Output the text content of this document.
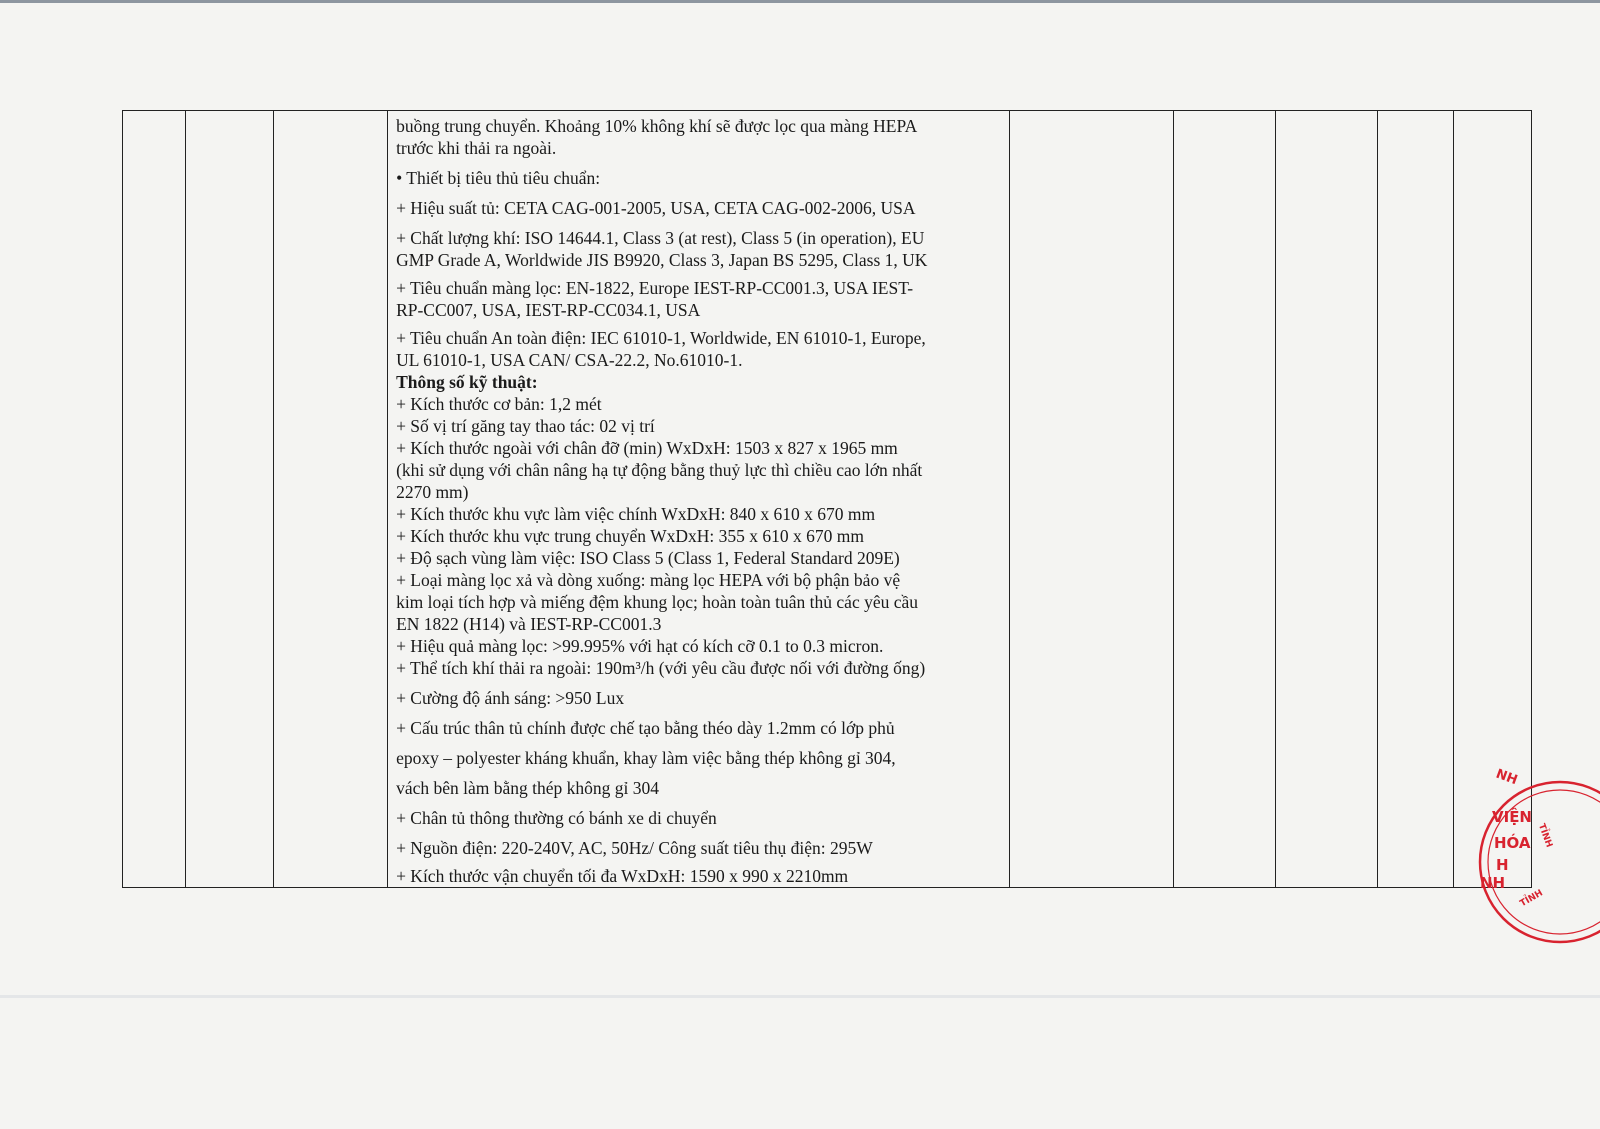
buồng trung chuyển. Khoảng 10% không khí sẽ được lọc qua màng HEPA
trước khi thải ra ngoài.
• Thiết bị tiêu thủ tiêu chuẩn:
+ Hiệu suất tủ: CETA CAG-001-2005, USA, CETA CAG-002-2006, USA
+ Chất lượng khí: ISO 14644.1, Class 3 (at rest), Class 5 (in operation), EU
GMP Grade A, Worldwide JIS B9920, Class 3, Japan BS 5295, Class 1, UK
+ Tiêu chuẩn màng lọc: EN-1822, Europe IEST-RP-CC001.3, USA IEST-
RP-CC007, USA, IEST-RP-CC034.1, USA
+ Tiêu chuẩn An toàn điện: IEC 61010-1, Worldwide, EN 61010-1, Europe,
UL 61010-1, USA CAN/ CSA-22.2, No.61010-1.
Thông số kỹ thuật:
+ Kích thước cơ bản: 1,2 mét
+ Số vị trí găng tay thao tác: 02 vị trí
+ Kích thước ngoài với chân đỡ (min) WxDxH: 1503 x 827 x 1965 mm
(khi sử dụng với chân nâng hạ tự động bằng thuỷ lực thì chiều cao lớn nhất
2270 mm)
+ Kích thước khu vực làm việc chính WxDxH: 840 x 610 x 670 mm
+ Kích thước khu vực trung chuyển WxDxH: 355 x 610 x 670 mm
+ Độ sạch vùng làm việc: ISO Class 5 (Class 1, Federal Standard 209E)
+ Loại màng lọc xả và dòng xuống: màng lọc HEPA với bộ phận bảo vệ
kim loại tích hợp và miếng đệm khung lọc; hoàn toàn tuân thủ các yêu cầu
EN 1822 (H14) và IEST-RP-CC001.3
+ Hiệu quả màng lọc: >99.995% với hạt có kích cỡ 0.1 to 0.3 micron.
+ Thể tích khí thải ra ngoài: 190m³/h (với yêu cầu được nối với đường ống)
+ Cường độ ánh sáng: >950 Lux
+ Cấu trúc thân tủ chính được chế tạo bằng théo dày 1.2mm có lớp phủ
epoxy – polyester kháng khuẩn, khay làm việc bằng thép không gỉ 304,
vách bên làm bằng thép không gỉ 304
+ Chân tủ thông thường có bánh xe di chuyển
+ Nguồn điện: 220-240V, AC, 50Hz/ Công suất tiêu thụ điện: 295W
+ Kích thước vận chuyển tối đa WxDxH: 1590 x 990 x 2210mm

NH
VIỆN
HÓA
H
NH
TỈNH
TỈNH
